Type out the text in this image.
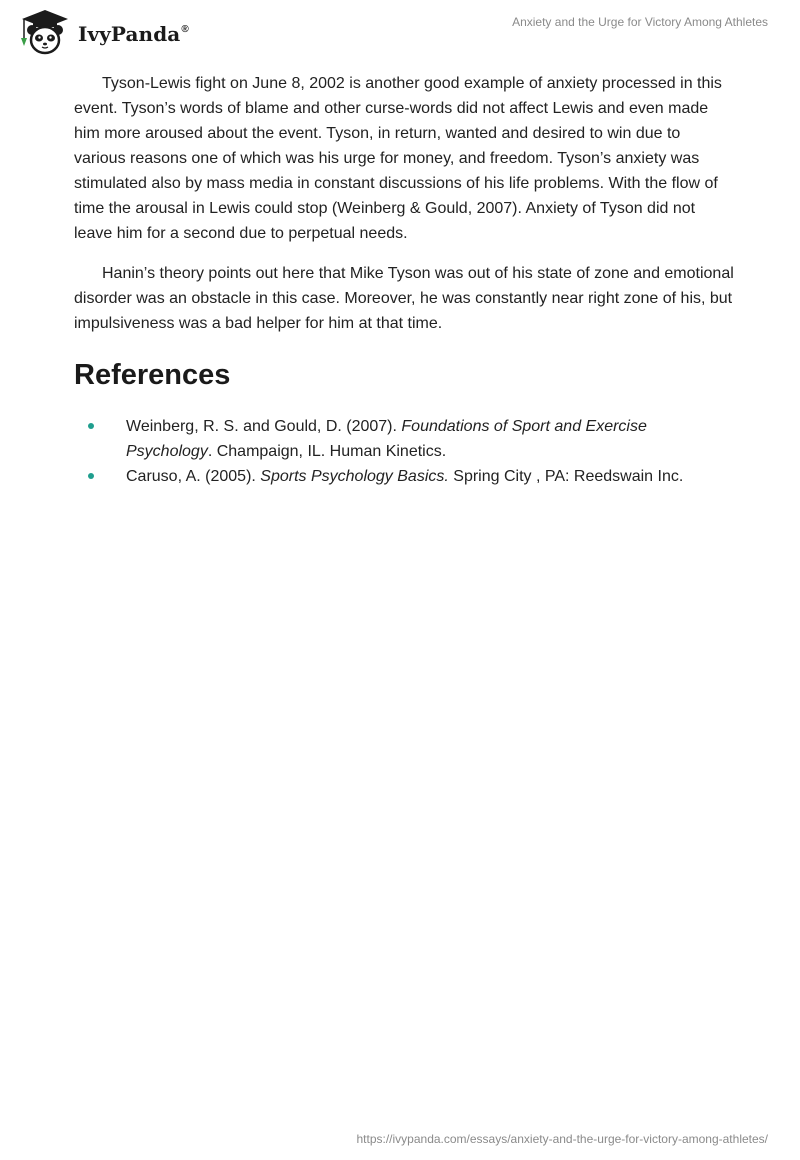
IvyPanda®
Anxiety and the Urge for Victory Among Athletes

Tyson-Lewis fight on June 8, 2002 is another good example of anxiety processed in this event. Tyson’s words of blame and other curse-words did not affect Lewis and even made him more aroused about the event. Tyson, in return, wanted and desired to win due to various reasons one of which was his urge for money, and freedom. Tyson’s anxiety was stimulated also by mass media in constant discussions of his life problems. With the flow of time the arousal in Lewis could stop (Weinberg & Gould, 2007). Anxiety of Tyson did not leave him for a second due to perpetual needs.

Hanin’s theory points out here that Mike Tyson was out of his state of zone and emotional disorder was an obstacle in this case. Moreover, he was constantly near right zone of his, but impulsiveness was a bad helper for him at that time.

References
Weinberg, R. S. and Gould, D. (2007). Foundations of Sport and Exercise Psychology. Champaign, IL. Human Kinetics.
Caruso, A. (2005). Sports Psychology Basics. Spring City , PA: Reedswain Inc.
https://ivypanda.com/essays/anxiety-and-the-urge-for-victory-among-athletes/
